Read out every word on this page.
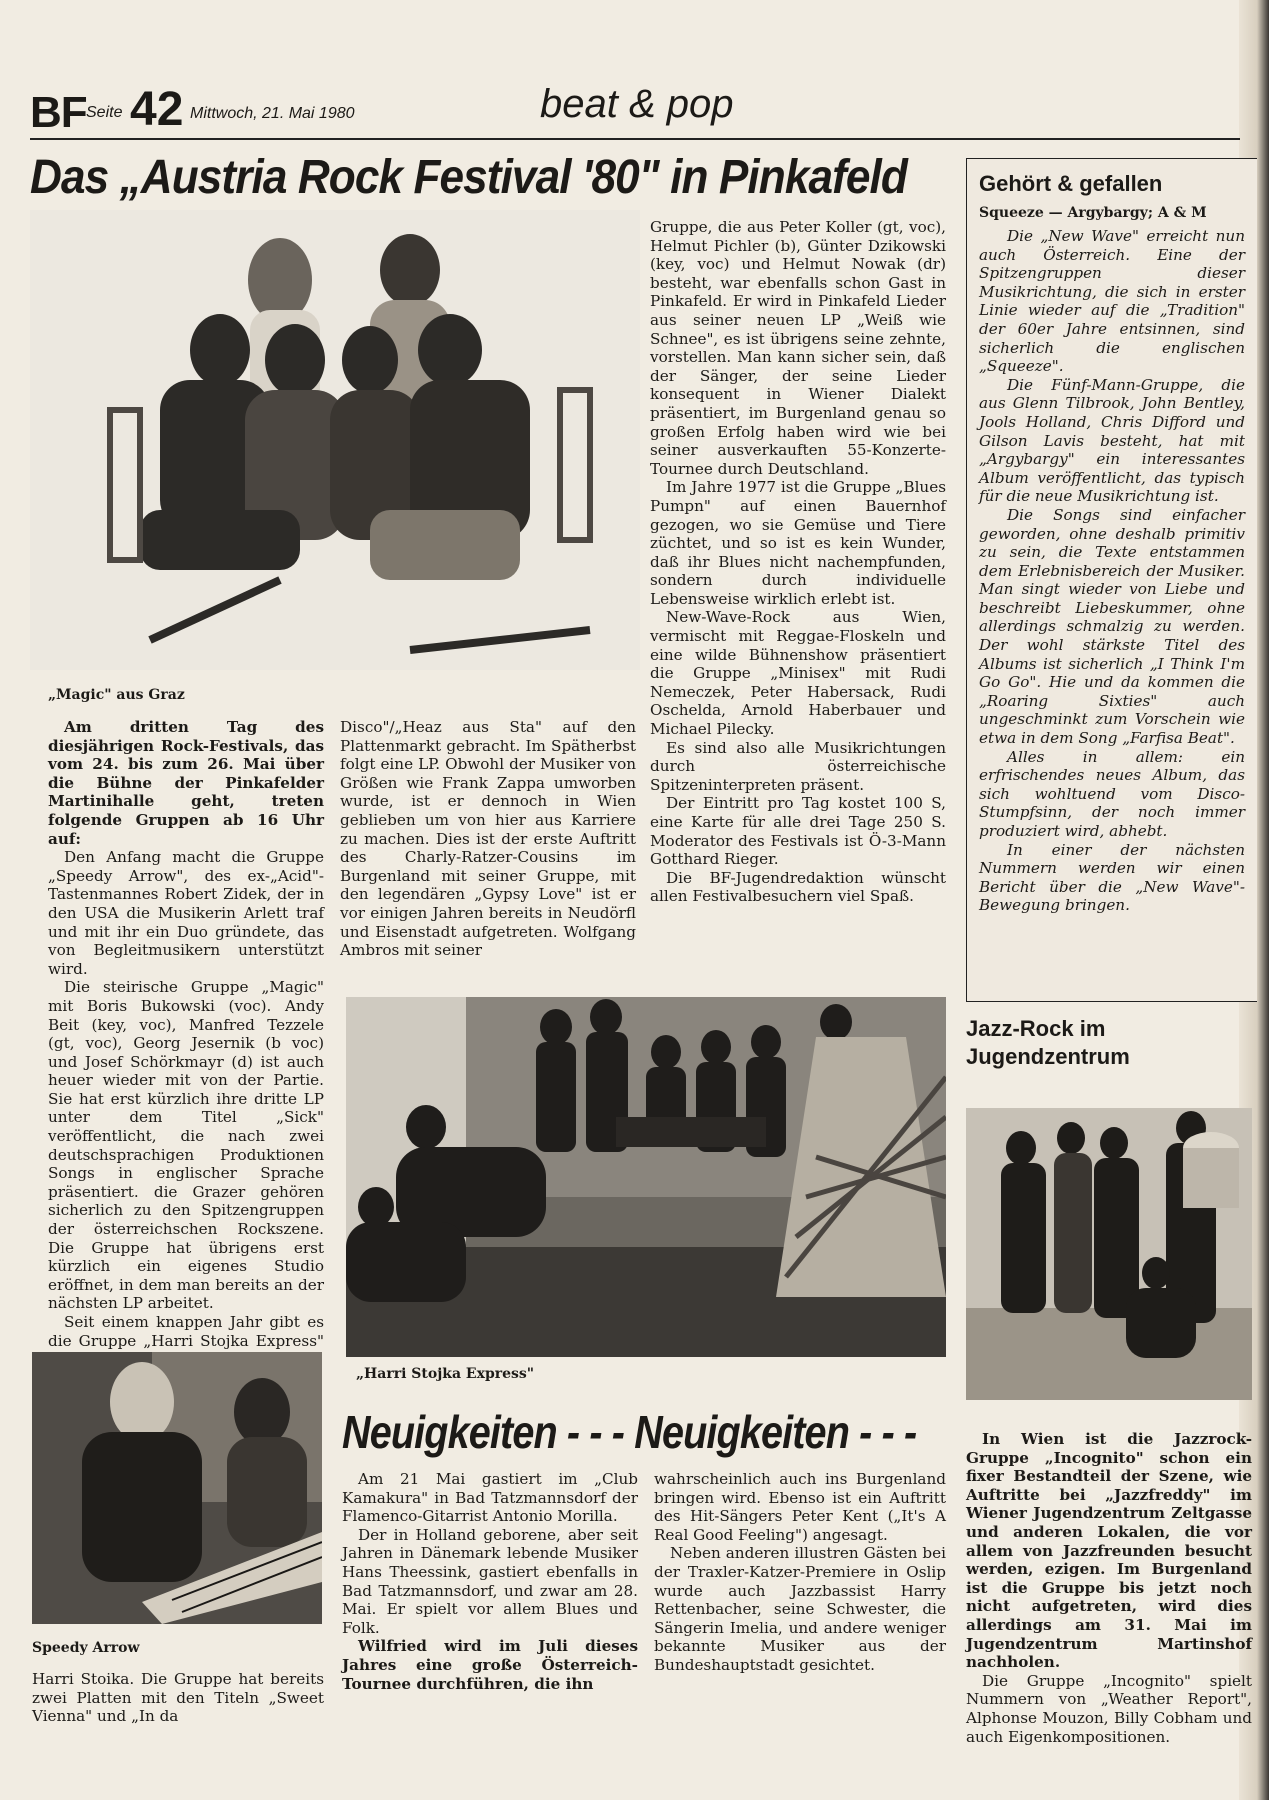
BF Seite 42 Mittwoch, 21. Mai 1980	beat & pop
Das „Austria Rock Festival '80" in Pinkafeld
„Magic" aus Graz

Am dritten Tag des diesjährigen Rock-Festivals, das vom 24. bis zum 26. Mai über die Bühne der Pinkafelder Martinihalle geht, treten folgende Gruppen ab 16 Uhr auf:

Den Anfang macht die Gruppe „Speedy Arrow", des ex-„Acid"-Tastenmannes Robert Zidek, der in den USA die Musikerin Arlett traf und mit ihr ein Duo gründete, das von Begleitmusikern unterstützt wird.

Die steirische Gruppe „Magic" mit Boris Bukowski (voc). Andy Beit (key, voc), Manfred Tezzele (gt, voc), Georg Jesernik (b voc) und Josef Schörkmayr (d) ist auch heuer wieder mit von der Partie. Sie hat erst kürzlich ihre dritte LP unter dem Titel „Sick" veröffentlicht, die nach zwei deutschsprachigen Produktionen Songs in englischer Sprache präsentiert. die Grazer gehören sicherlich zu den Spitzengruppen der österreichschen Rockszene. Die Gruppe hat übrigens erst kürzlich ein eigenes Studio eröffnet, in dem man bereits an der nächsten LP arbeitet.

Seit einem knappen Jahr gibt es die Gruppe „Harri Stojka Express"

Disco"/„Heaz aus Sta" auf den Plattenmarkt gebracht. Im Spätherbst folgt eine LP. Obwohl der Musiker von Größen wie Frank Zappa umworben wurde, ist er dennoch in Wien geblieben um von hier aus Karriere zu machen. Dies ist der erste Auftritt des Charly-Ratzer-Cousins im Burgenland mit seiner Gruppe, mit den legendären „Gypsy Love" ist er vor einigen Jahren bereits in Neudörfl und Eisenstadt aufgetreten. Wolfgang Ambros mit seiner

Gruppe, die aus Peter Koller (gt, voc), Helmut Pichler (b), Günter Dzikowski (key, voc) und Helmut Nowak (dr) besteht, war ebenfalls schon Gast in Pinkafeld. Er wird in Pinkafeld Lieder aus seiner neuen LP „Weiß wie Schnee", es ist übrigens seine zehnte, vorstellen. Man kann sicher sein, daß der Sänger, der seine Lieder konsequent in Wiener Dialekt präsentiert, im Burgenland genau so großen Erfolg haben wird wie bei seiner ausverkauften 55-Konzerte-Tournee durch Deutschland.

Im Jahre 1977 ist die Gruppe „Blues Pumpn" auf einen Bauernhof gezogen, wo sie Gemüse und Tiere züchtet, und so ist es kein Wunder, daß ihr Blues nicht nachempfunden, sondern durch individuelle Lebensweise wirklich erlebt ist.

New-Wave-Rock aus Wien, vermischt mit Reggae-Floskeln und eine wilde Bühnenshow präsentiert die Gruppe „Minisex" mit Rudi Nemeczek, Peter Habersack, Rudi Oschelda, Arnold Haberbauer und Michael Pilecky.

Es sind also alle Musikrichtungen durch österreichische Spitzeninterpreten präsent.

Der Eintritt pro Tag kostet 100 S, eine Karte für alle drei Tage 250 S. Moderator des Festivals ist Ö-3-Mann Gotthard Rieger.

Die BF-Jugendredaktion wünscht allen Festivalbesuchern viel Spaß.

Gehört & gefallen
Squeeze — Argybargy; A & M

Die „New Wave" erreicht nun auch Österreich. Eine der Spitzengruppen dieser Musikrichtung, die sich in erster Linie wieder auf die „Tradition" der 60er Jahre entsinnen, sind sicherlich die englischen „Squeeze".

Die Fünf-Mann-Gruppe, die aus Glenn Tilbrook, John Bentley, Jools Holland, Chris Difford und Gilson Lavis besteht, hat mit „Argybargy" ein interessantes Album veröffentlicht, das typisch für die neue Musikrichtung ist.

Die Songs sind einfacher geworden, ohne deshalb primitiv zu sein, die Texte entstammen dem Erlebnisbereich der Musiker. Man singt wieder von Liebe und beschreibt Liebeskummer, ohne allerdings schmalzig zu werden. Der wohl stärkste Titel des Albums ist sicherlich „I Think I'm Go Go". Hie und da kommen die „Roaring Sixties" auch ungeschminkt zum Vorschein wie etwa in dem Song „Farfisa Beat".

Alles in allem: ein erfrischendes neues Album, das sich wohltuend vom Disco-Stumpfsinn, der noch immer produziert wird, abhebt.

In einer der nächsten Nummern werden wir einen Bericht über die „New Wave"-Bewegung bringen.

„Harri Stojka Express"
Speedy Arrow

Harri Stoika. Die Gruppe hat bereits zwei Platten mit den Titeln „Sweet Vienna" und „In da

Neuigkeiten - - - Neuigkeiten - - -

Am 21 Mai gastiert im „Club Kamakura" in Bad Tatzmannsdorf der Flamenco-Gitarrist Antonio Morilla.

Der in Holland geborene, aber seit Jahren in Dänemark lebende Musiker Hans Theessink, gastiert ebenfalls in Bad Tatzmannsdorf, und zwar am 28. Mai. Er spielt vor allem Blues und Folk.

Wilfried wird im Juli dieses Jahres eine große Österreich-Tournee durchführen, die ihn

wahrscheinlich auch ins Burgenland bringen wird. Ebenso ist ein Auftritt des Hit-Sängers Peter Kent („It's A Real Good Feeling") angesagt.

Neben anderen illustren Gästen bei der Traxler-Katzer-Premiere in Oslip wurde auch Jazzbassist Harry Rettenbacher, seine Schwester, die Sängerin Imelia, und andere weniger bekannte Musiker aus der Bundeshauptstadt gesichtet.

Jazz-Rock im Jugendzentrum

In Wien ist die Jazzrock-Gruppe „Incognito" schon ein fixer Bestandteil der Szene, wie Auftritte bei „Jazzfreddy" im Wiener Jugendzentrum Zeltgasse und anderen Lokalen, die vor allem von Jazzfreunden besucht werden, ezigen. Im Burgenland ist die Gruppe bis jetzt noch nicht aufgetreten, wird dies allerdings am 31. Mai im Jugendzentrum Martinshof nachholen.

Die Gruppe „Incognito" spielt Nummern von „Weather Report", Alphonse Mouzon, Billy Cobham und auch Eigenkompositionen.
